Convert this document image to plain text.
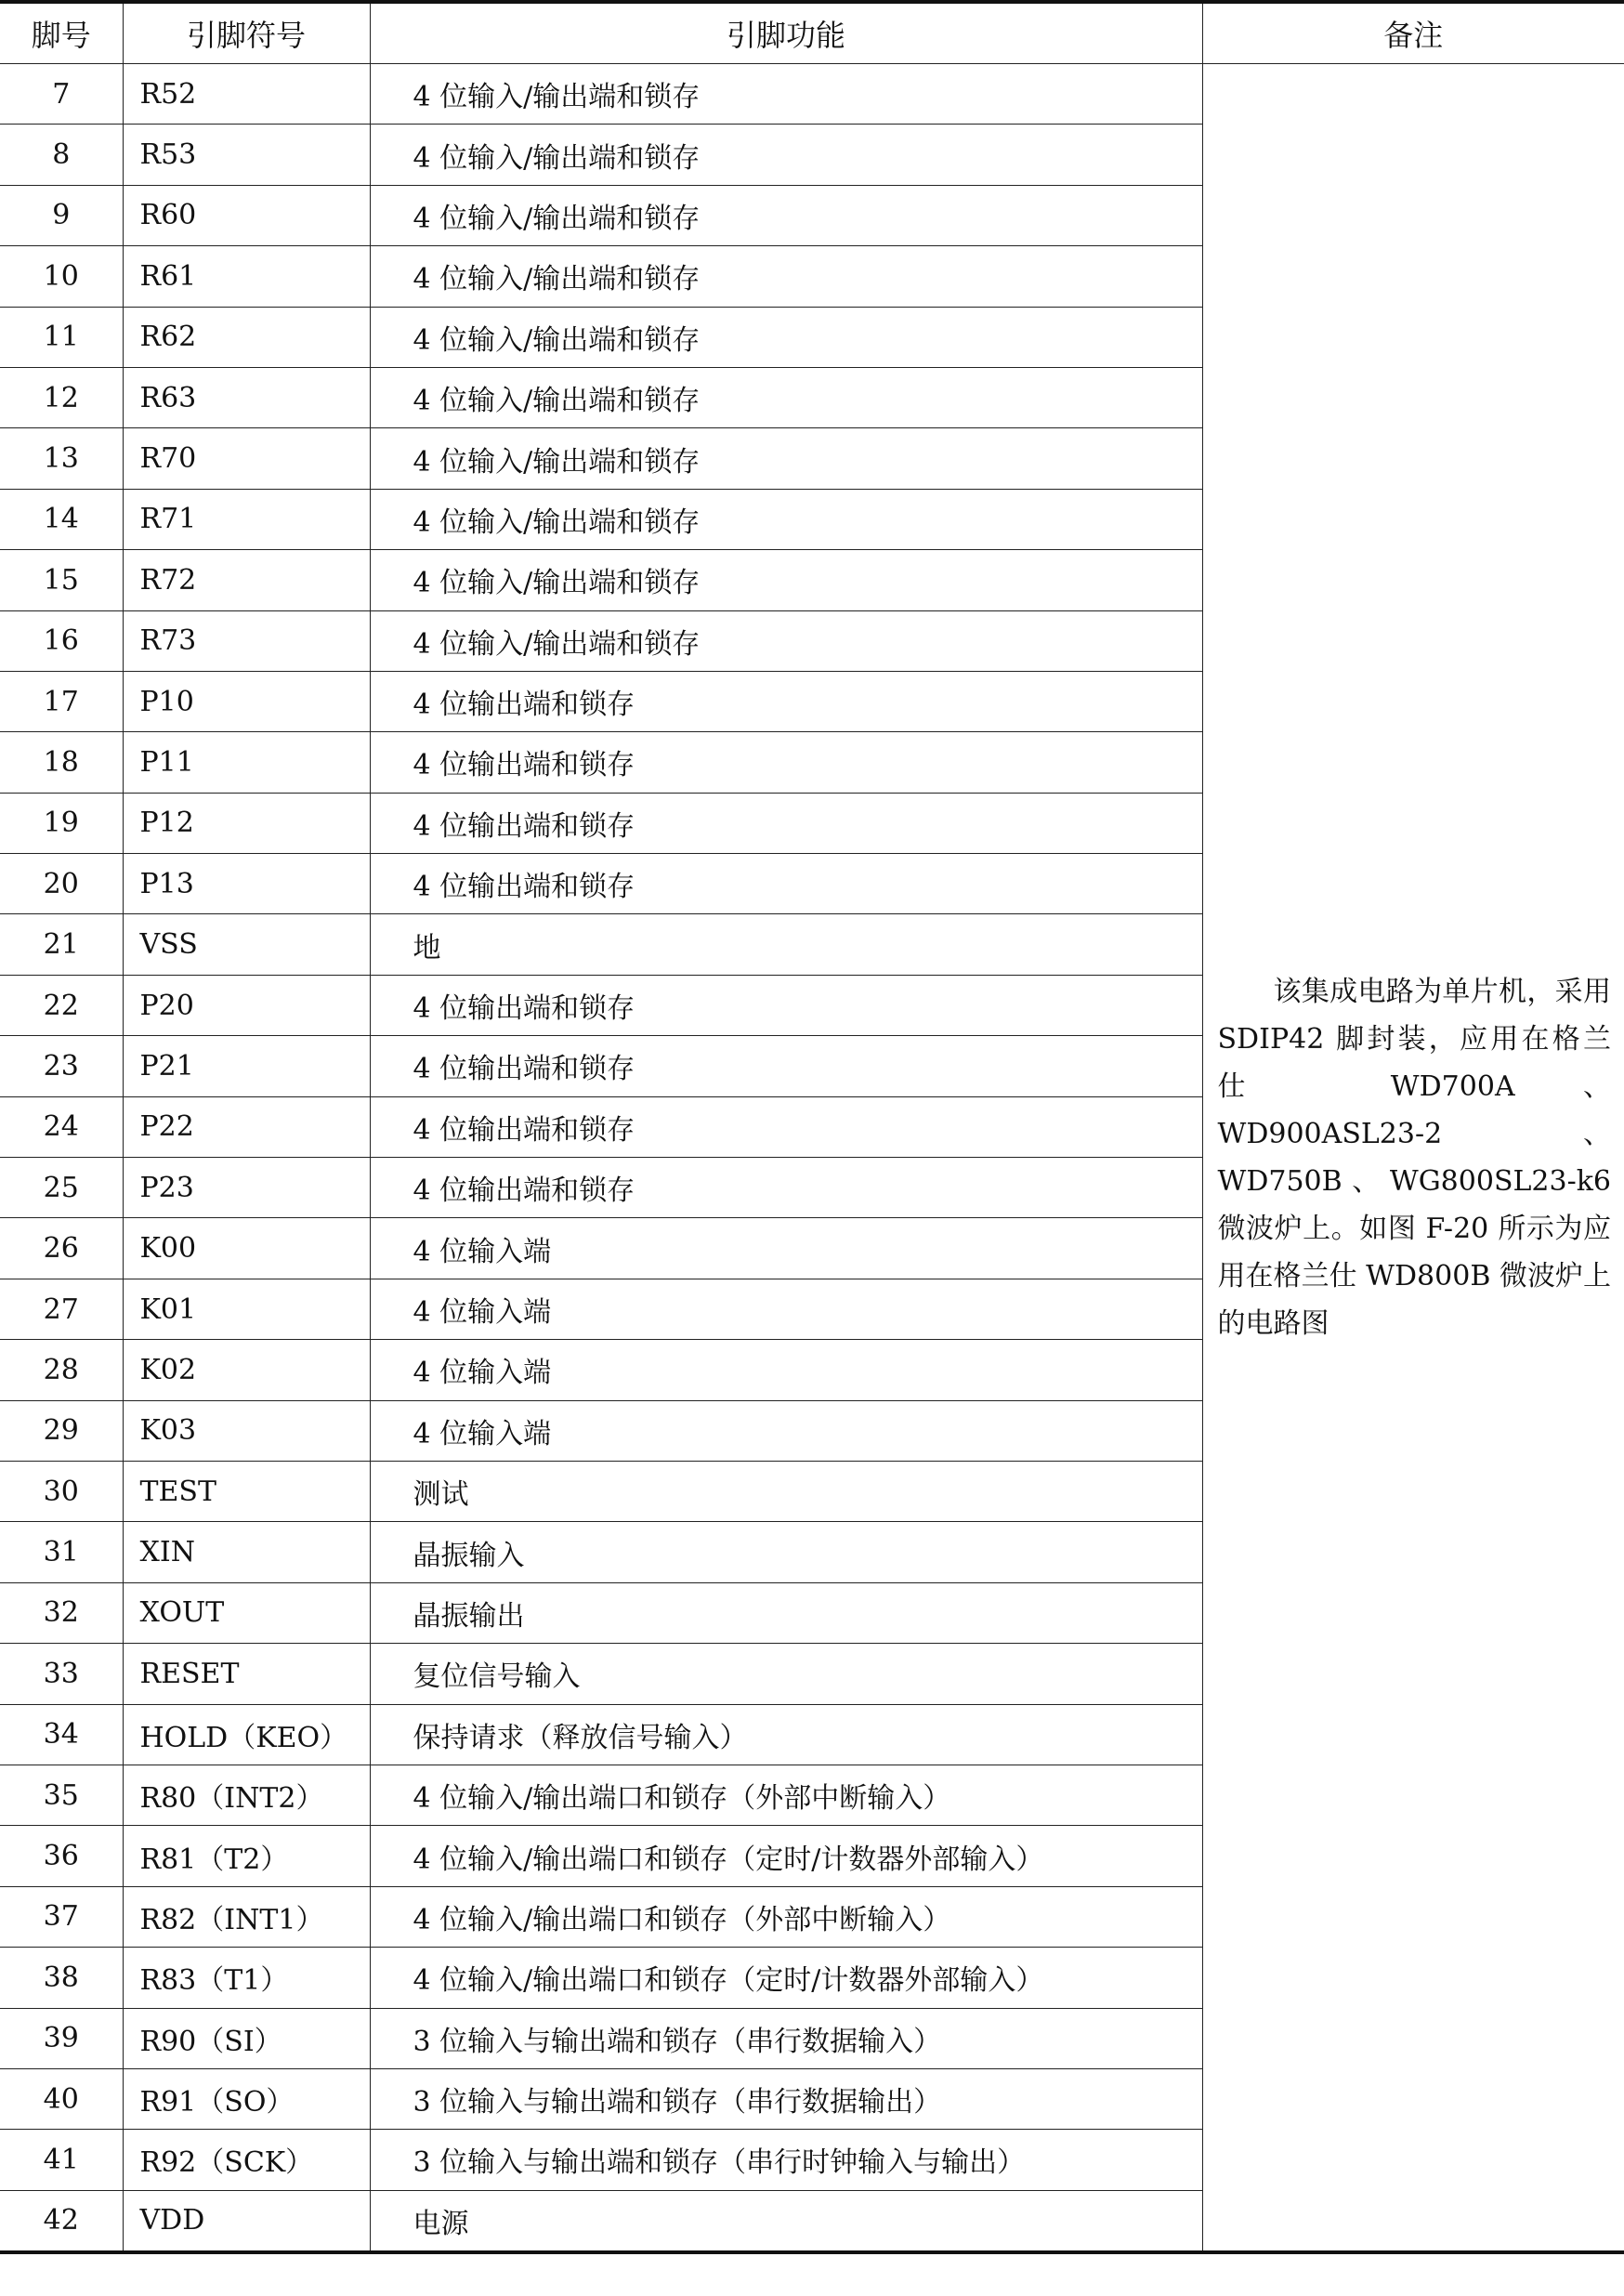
脚号	引脚符号	引脚功能	备注
7	R52	4 位输入/输出端和锁存	该集成电路为单片机，采用 SDIP42 脚封装，应用在格兰仕 WD700A、WD900ASL23-2、WD750B、WG800SL23-k6 微波炉上。如图 F-20 所示为应用在格兰仕 WD800B 微波炉上的电路图
8	R53	4 位输入/输出端和锁存	
9	R60	4 位输入/输出端和锁存	
10	R61	4 位输入/输出端和锁存	
11	R62	4 位输入/输出端和锁存	
12	R63	4 位输入/输出端和锁存	
13	R70	4 位输入/输出端和锁存	
14	R71	4 位输入/输出端和锁存	
15	R72	4 位输入/输出端和锁存	
16	R73	4 位输入/输出端和锁存	
17	P10	4 位输出端和锁存	
18	P11	4 位输出端和锁存	
19	P12	4 位输出端和锁存	
20	P13	4 位输出端和锁存	
21	VSS	地	
22	P20	4 位输出端和锁存	
23	P21	4 位输出端和锁存	
24	P22	4 位输出端和锁存	
25	P23	4 位输出端和锁存	
26	K00	4 位输入端	
27	K01	4 位输入端	
28	K02	4 位输入端	
29	K03	4 位输入端	
30	TEST	测试	
31	XIN	晶振输入	
32	XOUT	晶振输出	
33	RESET	复位信号输入	
34	HOLD（KEO）	保持请求（释放信号输入）	
35	R80（INT2）	4 位输入/输出端口和锁存（外部中断输入）	
36	R81（T2）	4 位输入/输出端口和锁存（定时/计数器外部输入）	
37	R82（INT1）	4 位输入/输出端口和锁存（外部中断输入）	
38	R83（T1）	4 位输入/输出端口和锁存（定时/计数器外部输入）	
39	R90（SI）	3 位输入与输出端和锁存（串行数据输入）	
40	R91（SO）	3 位输入与输出端和锁存（串行数据输出）	
41	R92（SCK）	3 位输入与输出端和锁存（串行时钟输入与输出）	
42	VDD	电源	
